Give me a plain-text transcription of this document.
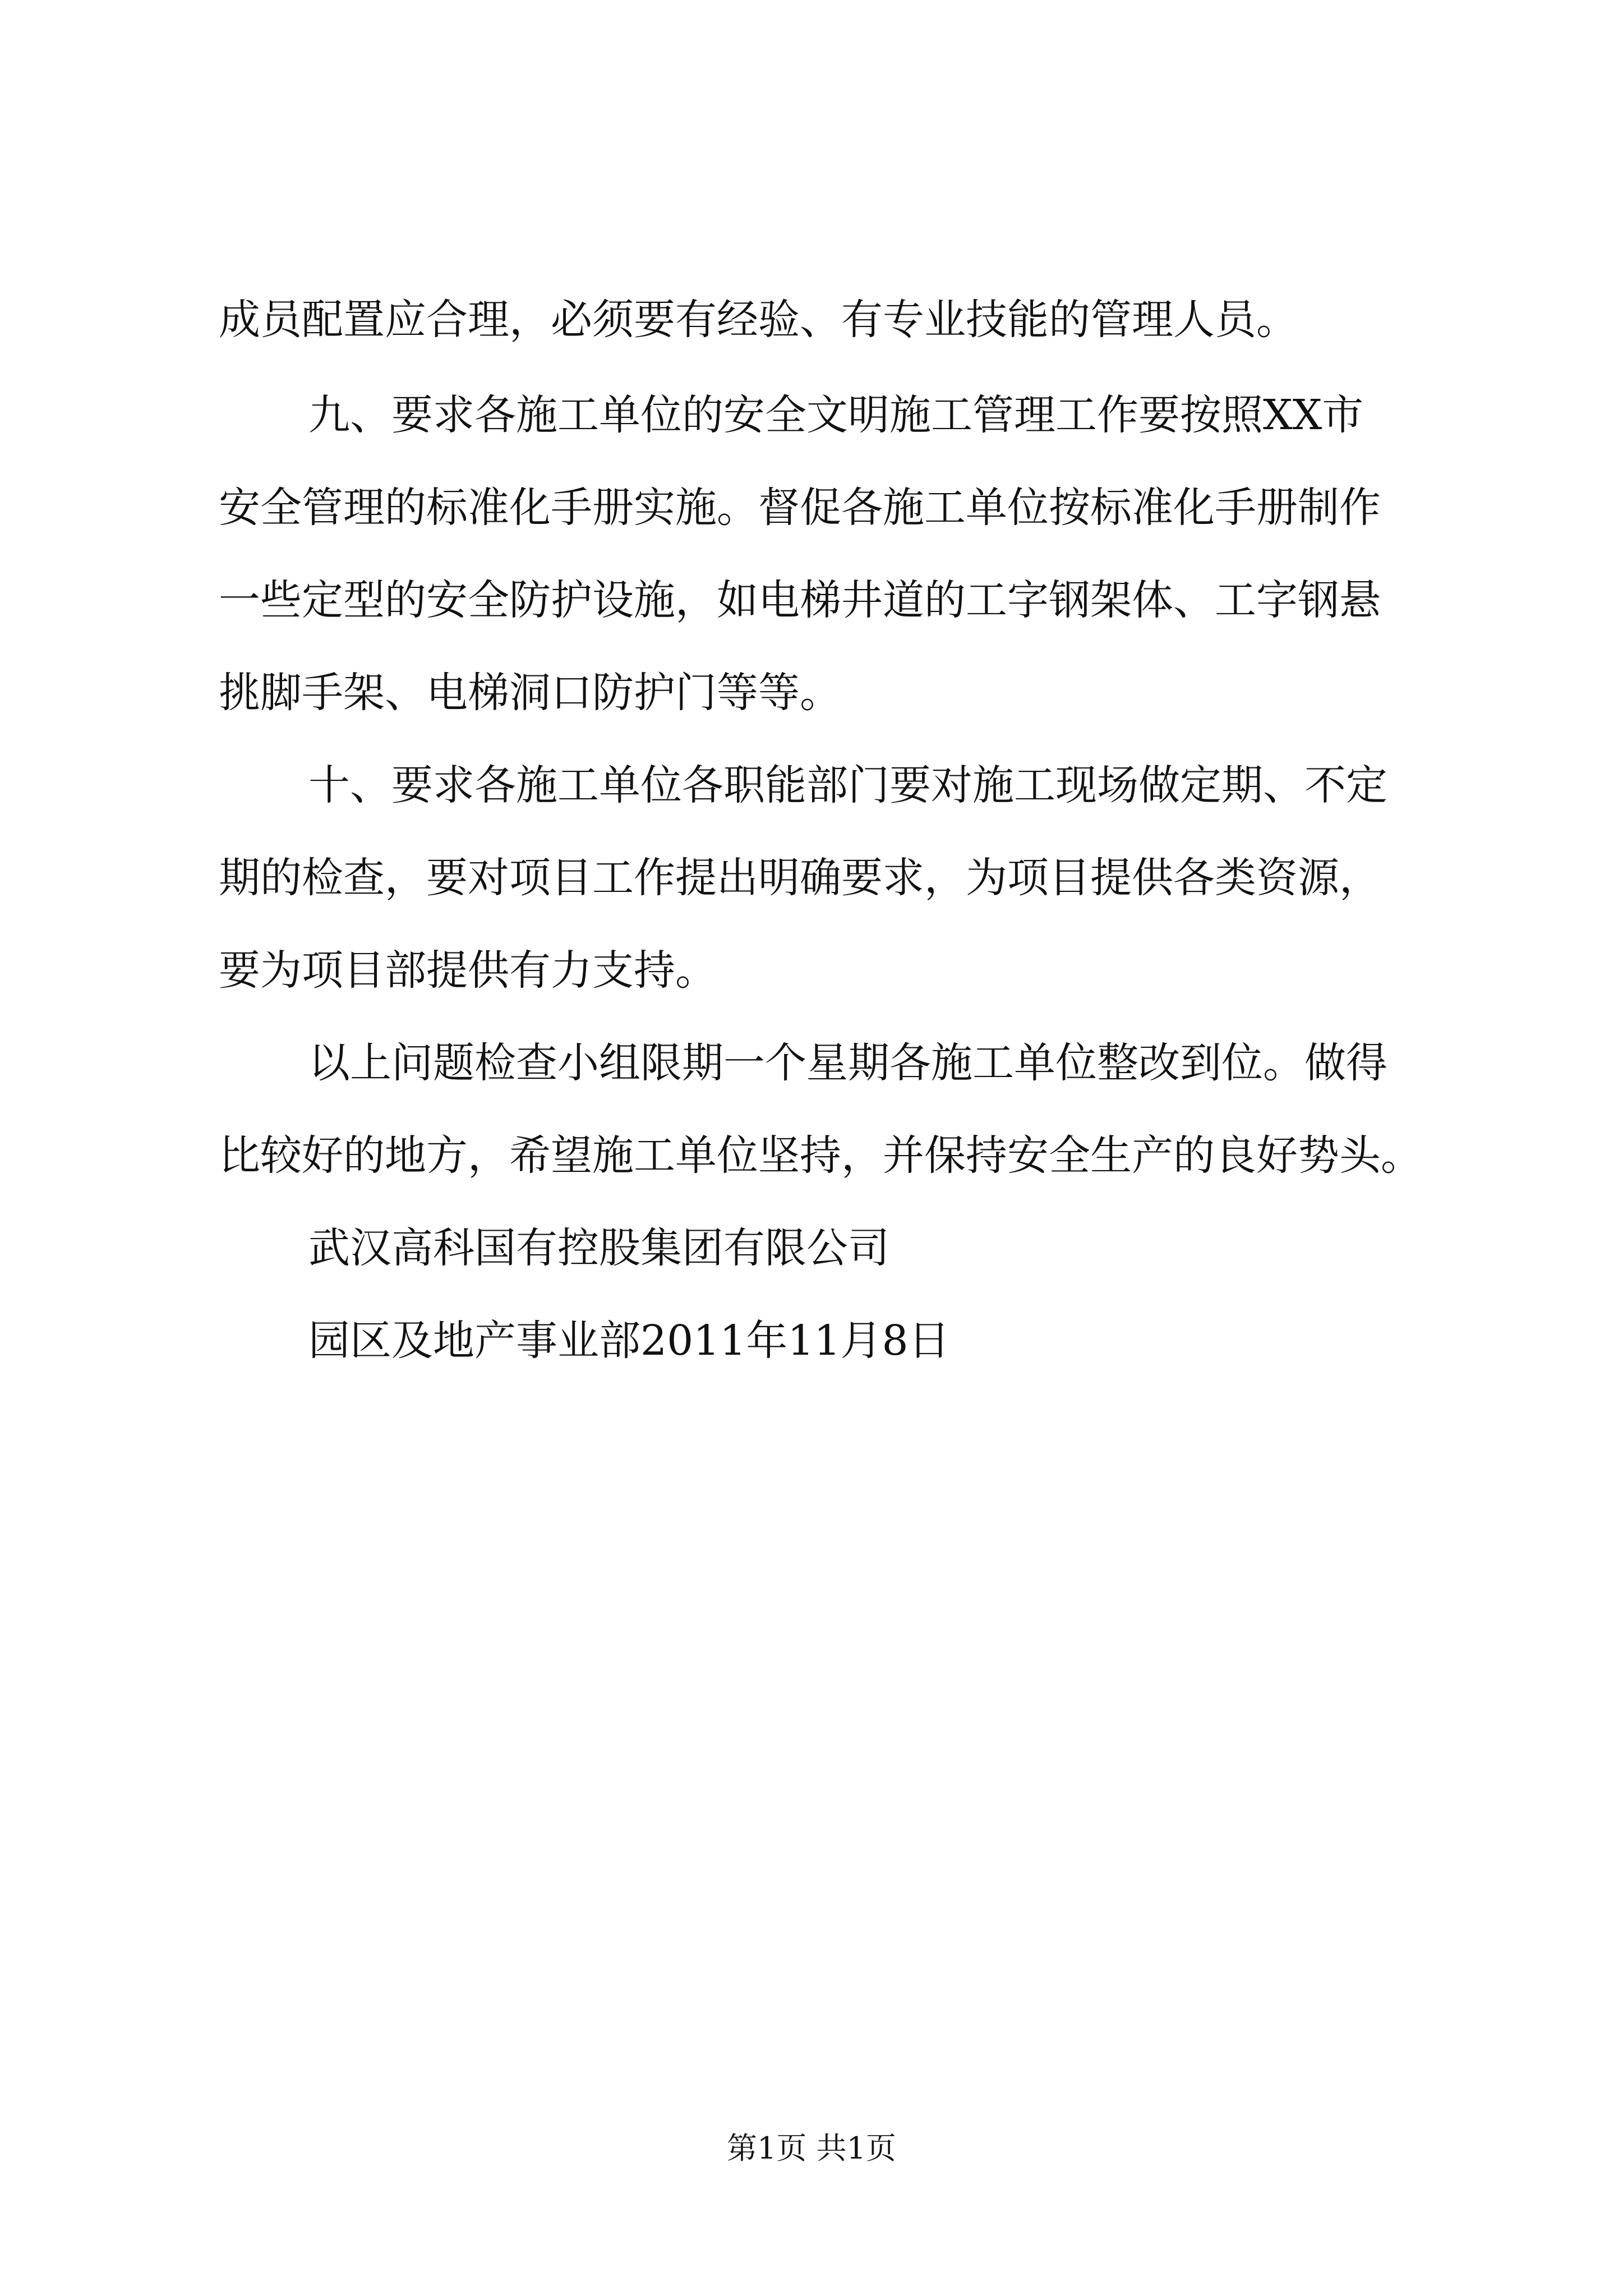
成员配置应合理，必须要有经验、有专业技能的管理人员。
九、要求各施工单位的安全文明施工管理工作要按照XX市
安全管理的标准化手册实施。督促各施工单位按标准化手册制作
一些定型的安全防护设施，如电梯井道的工字钢架体、工字钢悬
挑脚手架、电梯洞口防护门等等。
十、要求各施工单位各职能部门要对施工现场做定期、不定
期的检查，要对项目工作提出明确要求，为项目提供各类资源，
要为项目部提供有力支持。
以上问题检查小组限期一个星期各施工单位整改到位。做得
比较好的地方，希望施工单位坚持，并保持安全生产的良好势头。
武汉高科国有控股集团有限公司
园区及地产事业部2011年11月8日
第1页 共1页
